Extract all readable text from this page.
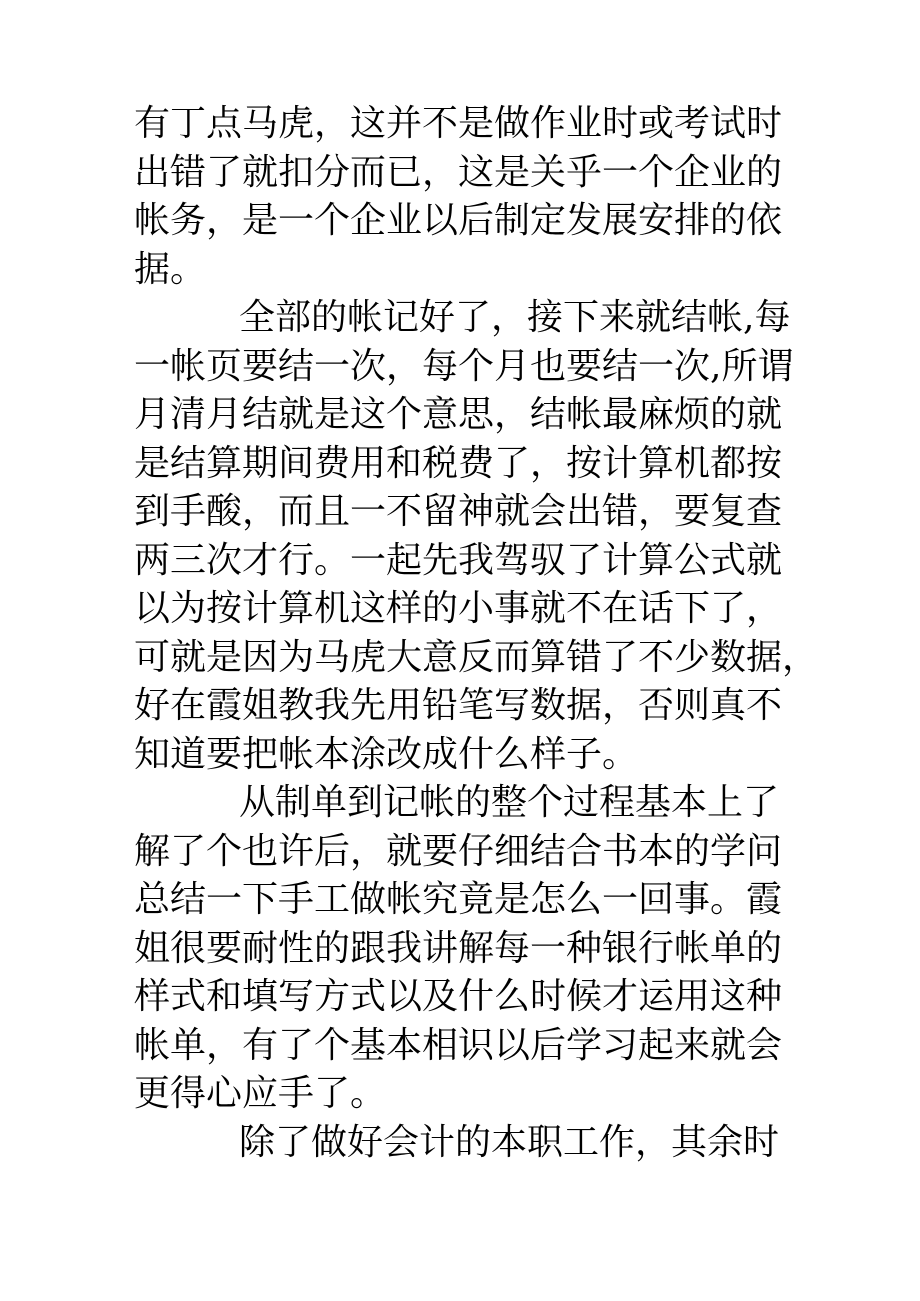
有丁点马虎，这并不是做作业时或考试时
出错了就扣分而已，这是关乎一个企业的
帐务，是一个企业以后制定发展安排的依
据。
全部的帐记好了，接下来就结帐,每
一帐页要结一次，每个月也要结一次,所谓
月清月结就是这个意思，结帐最麻烦的就
是结算期间费用和税费了，按计算机都按
到手酸，而且一不留神就会出错，要复查
两三次才行。一起先我驾驭了计算公式就
以为按计算机这样的小事就不在话下了，
可就是因为马虎大意反而算错了不少数据，
好在霞姐教我先用铅笔写数据，否则真不
知道要把帐本涂改成什么样子。
从制单到记帐的整个过程基本上了
解了个也许后，就要仔细结合书本的学问
总结一下手工做帐究竟是怎么一回事。霞
姐很要耐性的跟我讲解每一种银行帐单的
样式和填写方式以及什么时候才运用这种
帐单，有了个基本相识以后学习起来就会
更得心应手了。
除了做好会计的本职工作，其余时
